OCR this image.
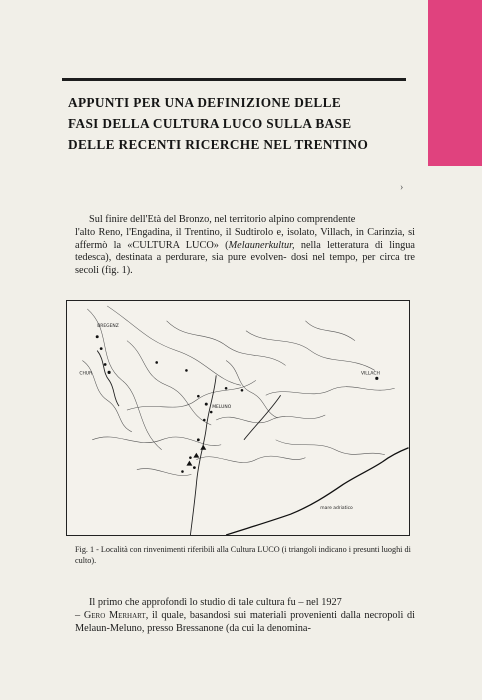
APPUNTI PER UNA DEFINIZIONE DELLE
FASI DELLA CULTURA LUCO SULLA BASE
DELLE RECENTI RICERCHE NEL TRENTINO
›

Sul finire dell'Età del Bronzo, nel territorio alpino comprendente
l'alto Reno, l'Engadina, il Trentino, il Sudtirolo e, isolato, Villach, in Carinzia, si affermò la «CULTURA LUCO» (Melaunerkultur, nella letteratura di lingua tedesca), destinata a perdurare, sia pure evolven- dosi nel tempo, per circa tre secoli (fig. 1).

BREGENZ
CHUR
MELUNO
VILLACH
mare adriatico

Fig. 1 - Località con rinvenimenti riferibili alla Cultura LUCO (i triangoli indicano i presunti luoghi di culto).

Il primo che approfondì lo studio di tale cultura fu – nel 1927
– Gero Merhart, il quale, basandosi sui materiali provenienti dalla necropoli di Melaun-Meluno, presso Bressanone (da cui la denomina-
